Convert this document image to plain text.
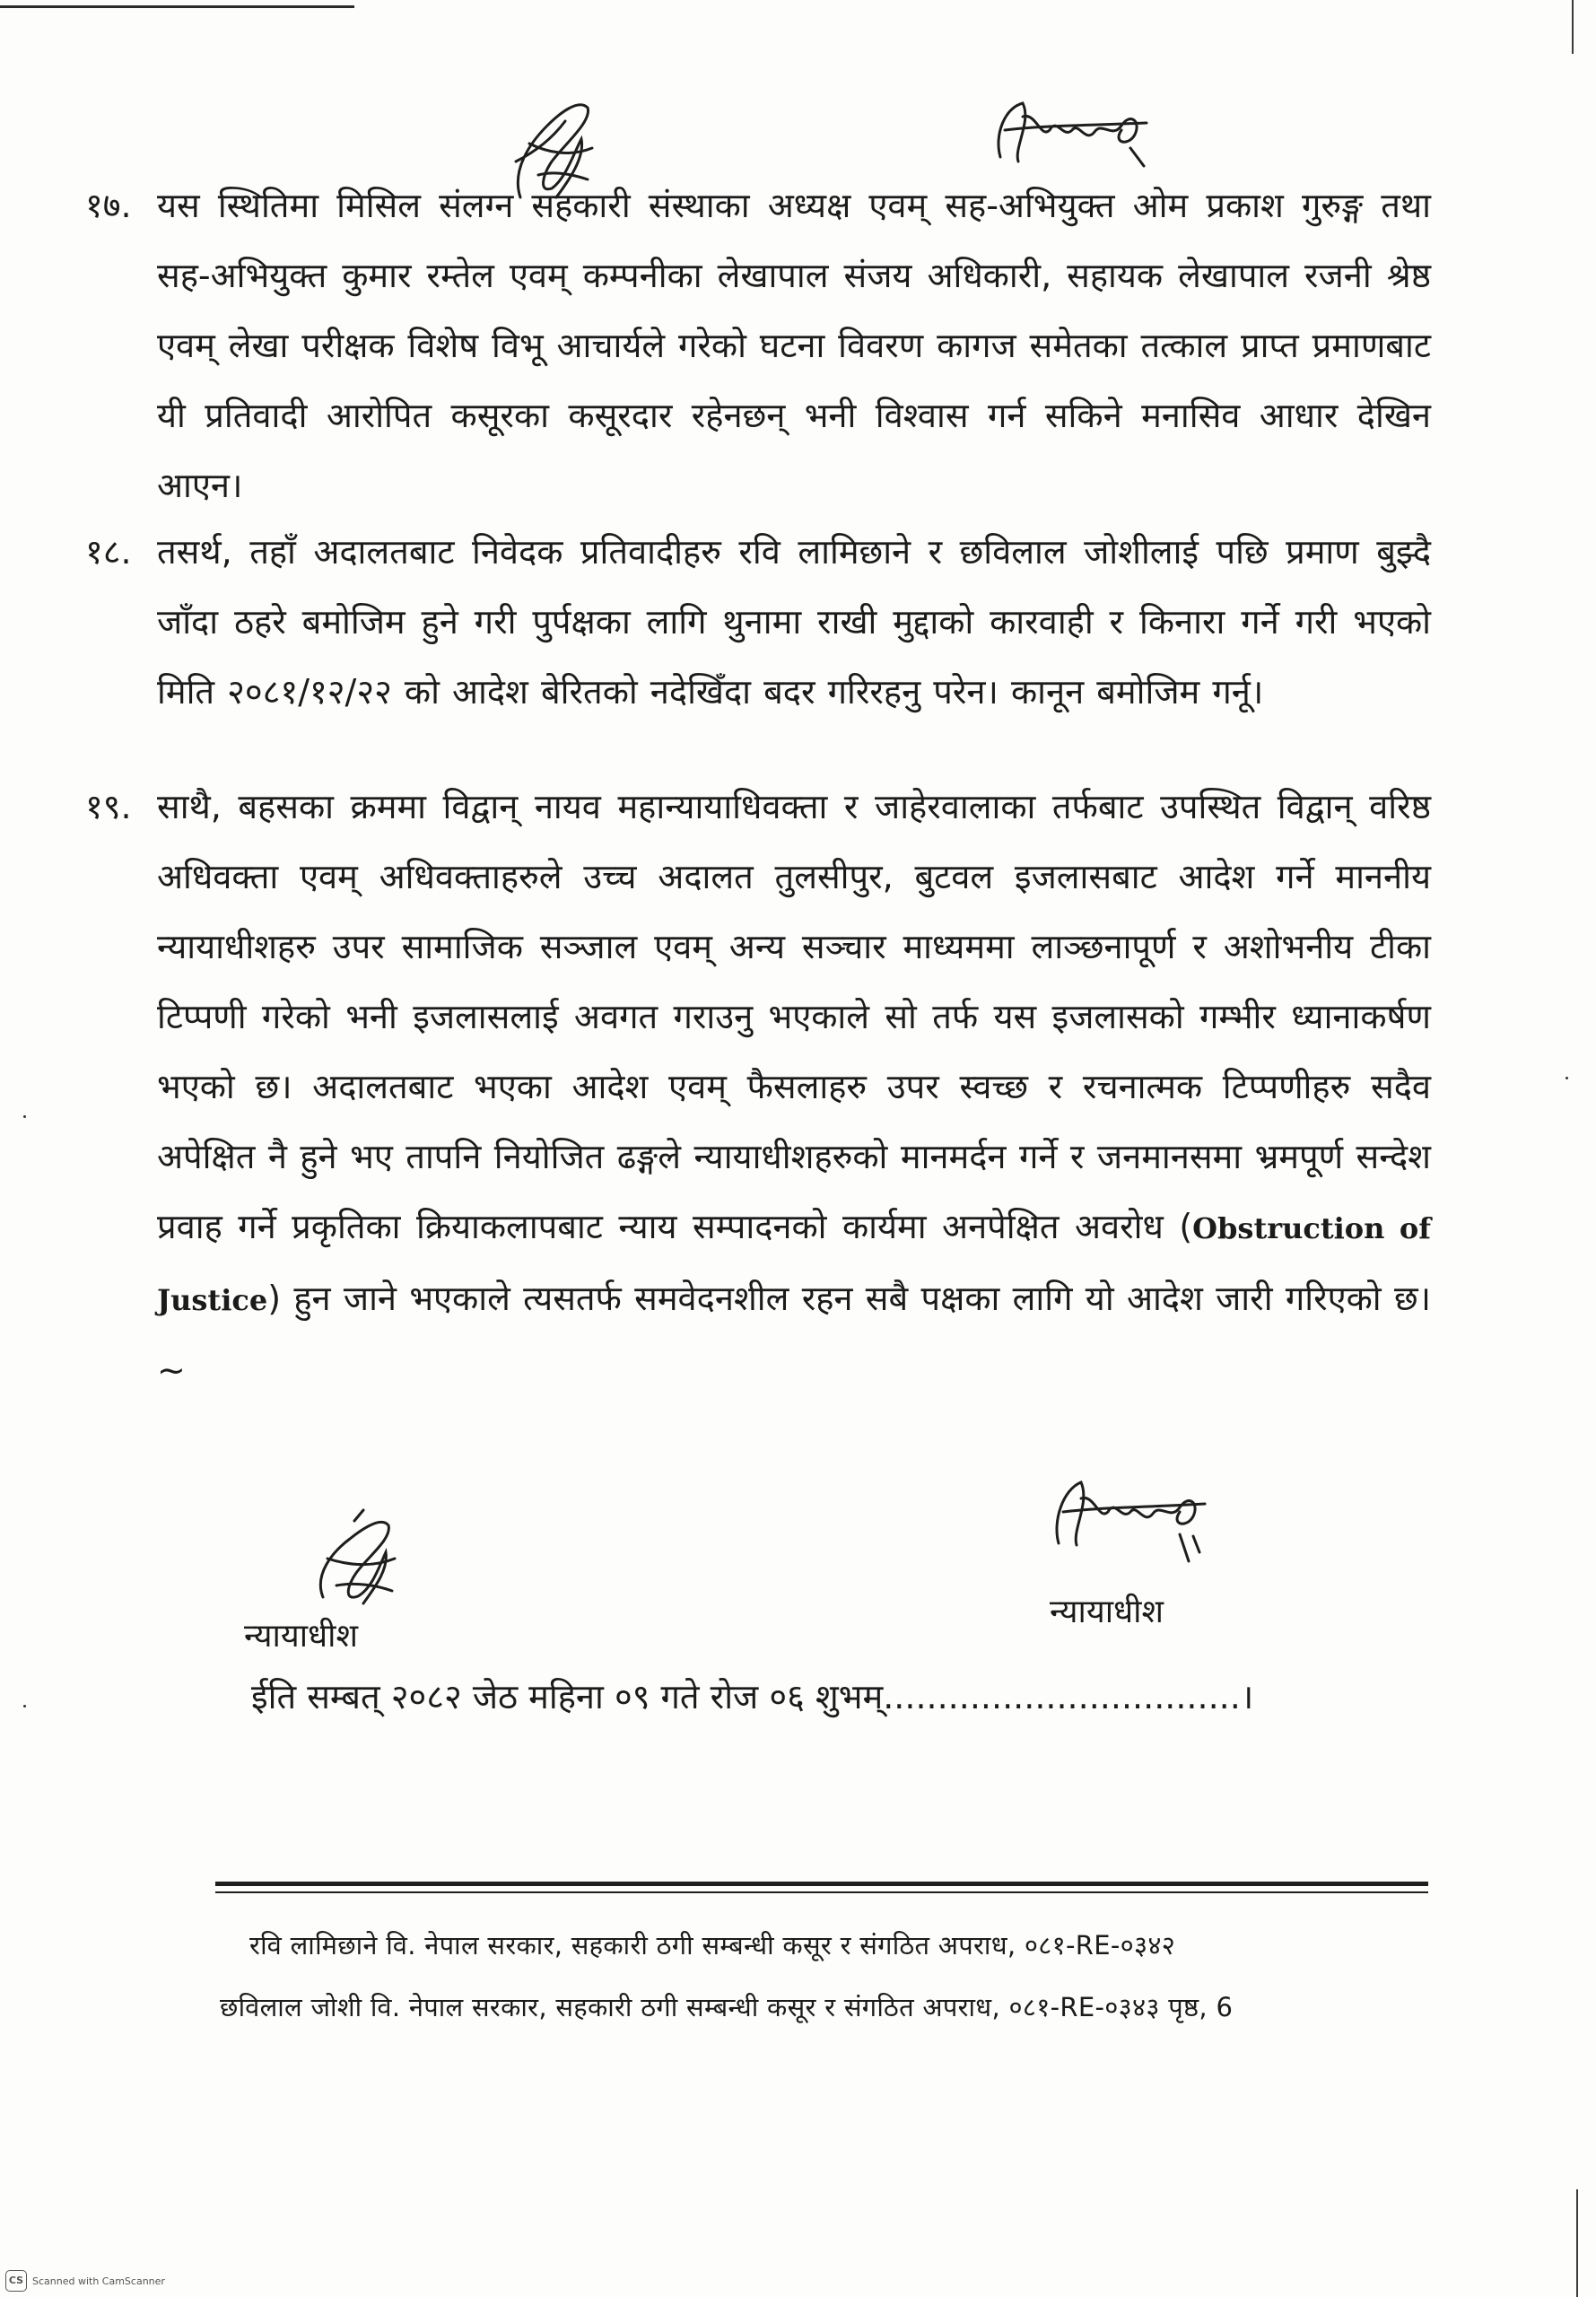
१७. यस स्थितिमा मिसिल संलग्न सहकारी संस्थाका अध्यक्ष एवम् सह-अभियुक्त ओम प्रकाश गुरुङ्ग तथा सह-अभियुक्त कुमार रम्तेल एवम् कम्पनीका लेखापाल संजय अधिकारी, सहायक लेखापाल रजनी श्रेष्ठ एवम् लेखा परीक्षक विशेष विभू आचार्यले गरेको घटना विवरण कागज समेतका तत्काल प्राप्त प्रमाणबाट यी प्रतिवादी आरोपित कसूरका कसूरदार रहेनछन् भनी विश्वास गर्न सकिने मनासिव आधार देखिन आएन।
१८. तसर्थ, तहाँ अदालतबाट निवेदक प्रतिवादीहरु रवि लामिछाने र छविलाल जोशीलाई पछि प्रमाण बुझ्दै जाँदा ठहरे बमोजिम हुने गरी पुर्पक्षका लागि थुनामा राखी मुद्दाको कारवाही र किनारा गर्ने गरी भएको मिति २०८१/१२/२२ को आदेश बेरितको नदेखिँदा बदर गरिरहनु परेन। कानून बमोजिम गर्नू।
१९. साथै, बहसका क्रममा विद्वान् नायव महान्यायाधिवक्ता र जाहेरवालाका तर्फबाट उपस्थित विद्वान् वरिष्ठ अधिवक्ता एवम् अधिवक्ताहरुले उच्च अदालत तुलसीपुर, बुटवल इजलासबाट आदेश गर्ने माननीय न्यायाधीशहरु उपर सामाजिक सञ्जाल एवम् अन्य सञ्चार माध्यममा लाञ्छनापूर्ण र अशोभनीय टीका टिप्पणी गरेको भनी इजलासलाई अवगत गराउनु भएकाले सो तर्फ यस इजलासको गम्भीर ध्यानाकर्षण भएको छ। अदालतबाट भएका आदेश एवम् फैसलाहरु उपर स्वच्छ र रचनात्मक टिप्पणीहरु सदैव अपेक्षित नै हुने भए तापनि नियोजित ढङ्गले न्यायाधीशहरुको मानमर्दन गर्ने र जनमानसमा भ्रमपूर्ण सन्देश प्रवाह गर्ने प्रकृतिका क्रियाकलापबाट न्याय सम्पादनको कार्यमा अनपेक्षित अवरोध (Obstruction of Justice) हुन जाने भएकाले त्यसतर्फ समवेदनशील रहन सबै पक्षका लागि यो आदेश जारी गरिएको छ। ~
न्यायाधीश
न्यायाधीश
ईति सम्बत् २०८२ जेठ महिना ०९ गते रोज ०६ शुभम्.................................।
रवि लामिछाने वि. नेपाल सरकार, सहकारी ठगी सम्बन्धी कसूर र संगठित अपराध, ०८१-RE-०३४२
छविलाल जोशी वि. नेपाल सरकार, सहकारी ठगी सम्बन्धी कसूर र संगठित अपराध, ०८१-RE-०३४३ पृष्ठ, 6
CS Scanned with CamScanner
